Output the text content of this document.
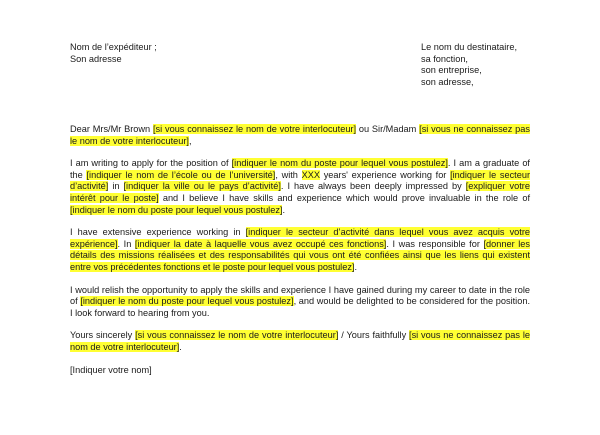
Nom de l’expéditeur ;
Son adresse
Le nom du destinataire,
sa fonction,
son entreprise,
son adresse,

Dear Mrs/Mr Brown [si vous connaissez le nom de votre interlocuteur] ou Sir/Madam [si vous ne connaissez pas le nom de votre interlocuteur],

I am writing to apply for the position of [indiquer le nom du poste pour lequel vous postulez]. I am a graduate of the [indiquer le nom de l’école ou de l’université], with XXX years' experience working for [indiquer le secteur d’activité] in [indiquer la ville ou le pays d’activité]. I have always been deeply impressed by [expliquer votre intérêt pour le poste] and I believe I have skills and experience which would prove invaluable in the role of [indiquer le nom du poste pour lequel vous postulez].

I have extensive experience working in [indiquer le secteur d’activité dans lequel vous avez acquis votre expérience]. In [indiquer la date à laquelle vous avez occupé ces fonctions]. I was responsible for [donner les détails des missions réalisées et des responsabilités qui vous ont été confiées ainsi que les liens qui existent entre vos précédentes fonctions et le poste pour lequel vous postulez].

I would relish the opportunity to apply the skills and experience I have gained during my career to date in the role of [indiquer le nom du poste pour lequel vous postulez], and would be delighted to be considered for the position. I look forward to hearing from you.

Yours sincerely [si vous connaissez le nom de votre interlocuteur] / Yours faithfully [si vous ne connaissez pas le nom de votre interlocuteur].

[Indiquer votre nom]
